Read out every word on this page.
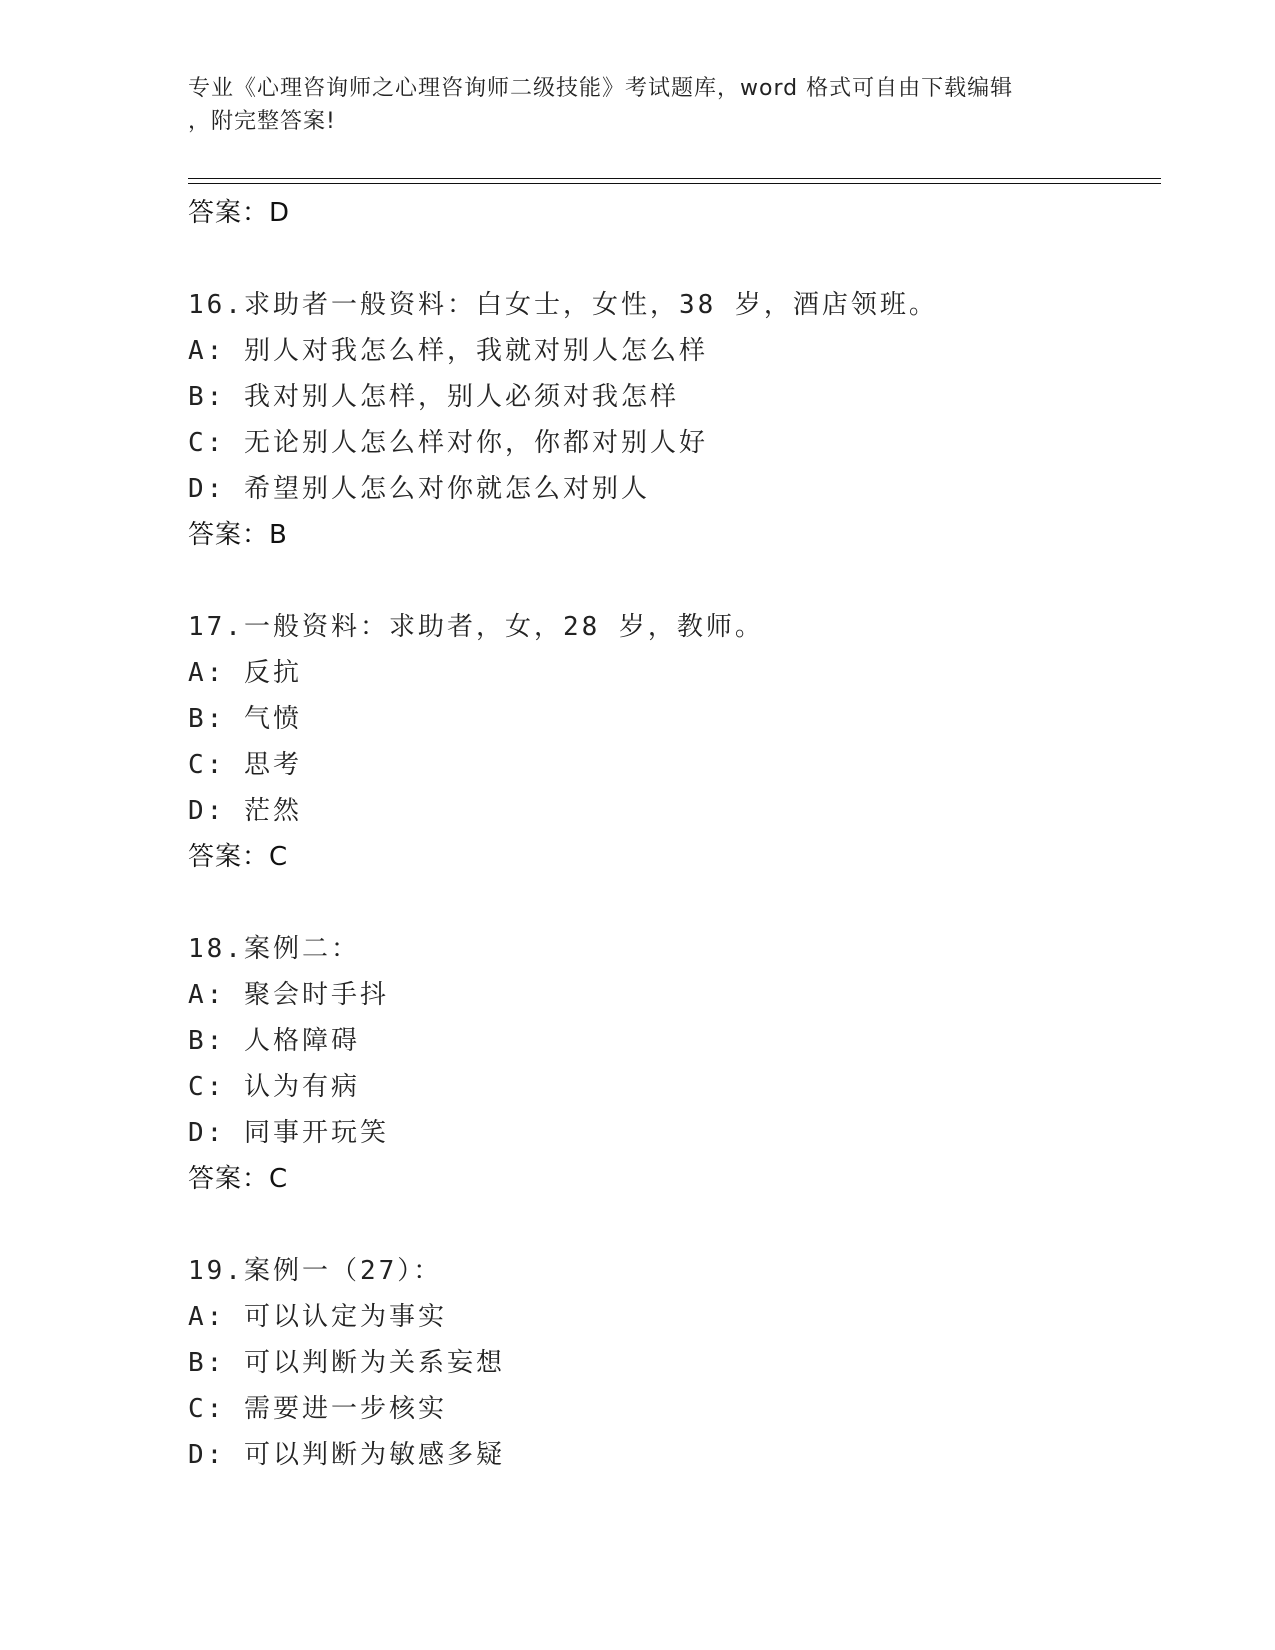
专业《心理咨询师之心理咨询师二级技能》考试题库，word 格式可自由下载编辑
，附完整答案!
答案：D
16.求助者一般资料：白女士，女性，38 岁，酒店领班。
A: 别人对我怎么样，我就对别人怎么样
B: 我对别人怎样，别人必须对我怎样
C: 无论别人怎么样对你，你都对别人好
D: 希望别人怎么对你就怎么对别人
答案：B
17.一般资料：求助者，女，28 岁，教师。
A: 反抗
B: 气愤
C: 思考
D: 茫然
答案：C
18.案例二：
A: 聚会时手抖
B: 人格障碍
C: 认为有病
D: 同事开玩笑
答案：C
19.案例一（27）：
A: 可以认定为事实
B: 可以判断为关系妄想
C: 需要进一步核实
D: 可以判断为敏感多疑
